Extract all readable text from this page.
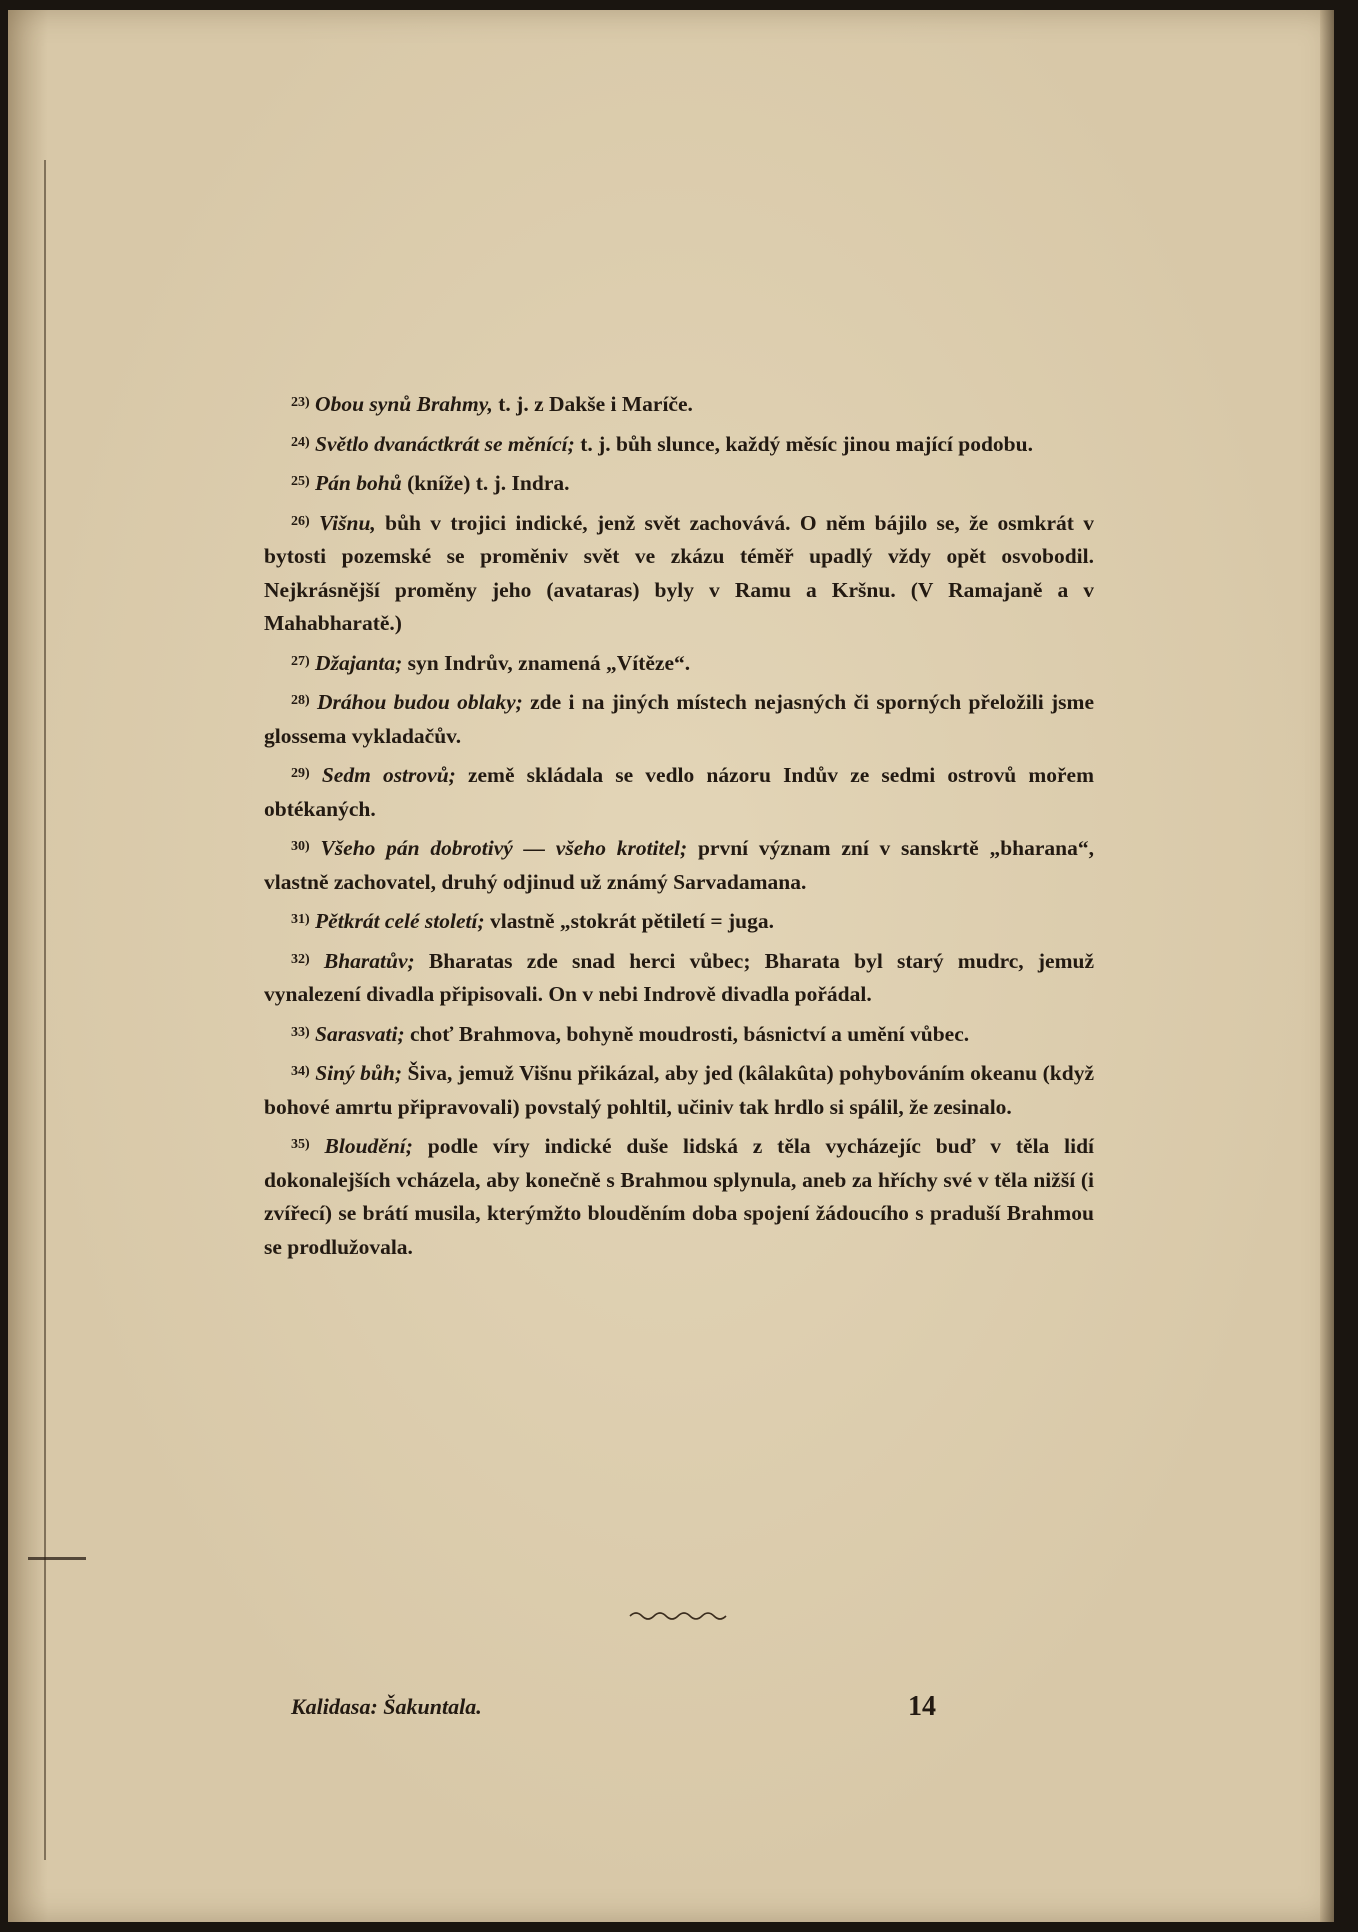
$^{23)}$ Obou synů Brahmy, t. j. z Dakše i Maríče.

$^{24)}$ Světlo dvanáctkrát se měnící; t. j. bůh slunce, každý měsíc jinou mající podobu.

$^{25)}$ Pán bohů (kníže) t. j. Indra.

$^{26)}$ Višnu, bůh v trojici indické, jenž svět zachovává. O něm bájilo se, že osmkrát v bytosti pozemské se proměniv svět ve zkázu téměř upadlý vždy opět osvobodil. Nejkrásnější proměny jeho (avataras) byly v Ramu a Kršnu. (V Ramajaně a v Mahabharatě.)

$^{27)}$ Džajanta; syn Indrův, znamená „Vítěze“.

$^{28)}$ Dráhou budou oblaky; zde i na jiných místech nejasných či sporných přeložili jsme glossema vykladačův.

$^{29)}$ Sedm ostrovů; země skládala se vedlo názoru Indův ze sedmi ostrovů mořem obtékaných.

$^{30)}$ Všeho pán dobrotivý — všeho krotitel; první význam zní v sanskrtě „bharana“, vlastně zachovatel, druhý odjinud už známý Sarvadamana.

$^{31)}$ Pětkrát celé století; vlastně „stokrát pětiletí = juga.

$^{32)}$ Bharatův; Bharatas zde snad herci vůbec; Bharata byl starý mudrc, jemuž vynalezení divadla připisovali. On v nebi Indrově divadla pořádal.

$^{33)}$ Sarasvati; choť Brahmova, bohyně moudrosti, básnictví a umění vůbec.

$^{34)}$ Siný bůh; Šiva, jemuž Višnu přikázal, aby jed (kâlakûta) pohybováním okeanu (když bohové amrtu připravovali) povstalý pohltil, učiniv tak hrdlo si spálil, že zesinalo.

$^{35)}$ Bloudění; podle víry indické duše lidská z těla vycházejíc buď v těla lidí dokonalejších vcházela, aby konečně s Brahmou splynula, aneb za hříchy své v těla nižší (i zvířecí) se brátí musila, kterýmžto blouděním doba spojení žádoucího s praduší Brahmou se prodlužovala.

Kalidasa: Šakuntala.	14
